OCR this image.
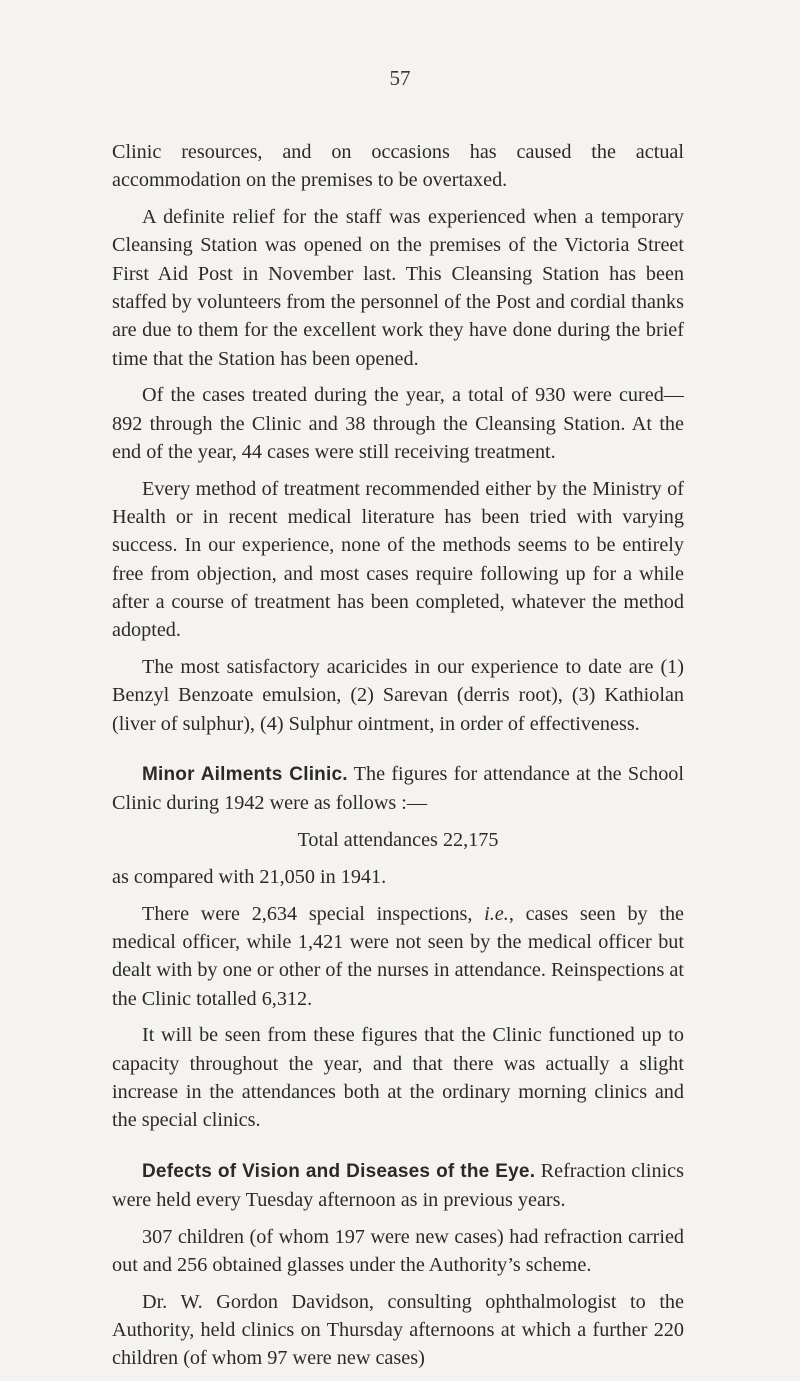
57

Clinic resources, and on occasions has caused the actual accommodation on the premises to be overtaxed.

A definite relief for the staff was experienced when a temporary Cleansing Station was opened on the premises of the Victoria Street First Aid Post in November last. This Cleansing Station has been staffed by volunteers from the personnel of the Post and cordial thanks are due to them for the excellent work they have done during the brief time that the Station has been opened.

Of the cases treated during the year, a total of 930 were cured—892 through the Clinic and 38 through the Cleansing Station. At the end of the year, 44 cases were still receiving treatment.

Every method of treatment recommended either by the Ministry of Health or in recent medical literature has been tried with varying success. In our experience, none of the methods seems to be entirely free from objection, and most cases require following up for a while after a course of treatment has been completed, whatever the method adopted.

The most satisfactory acaricides in our experience to date are (1) Benzyl Benzoate emulsion, (2) Sarevan (derris root), (3) Kathiolan (liver of sulphur), (4) Sulphur ointment, in order of effectiveness.

Minor Ailments Clinic. The figures for attendance at the School Clinic during 1942 were as follows :—

Total attendances 22,175

as compared with 21,050 in 1941.

There were 2,634 special inspections, i.e., cases seen by the medical officer, while 1,421 were not seen by the medical officer but dealt with by one or other of the nurses in attendance. Reinspections at the Clinic totalled 6,312.

It will be seen from these figures that the Clinic functioned up to capacity throughout the year, and that there was actually a slight increase in the attendances both at the ordinary morning clinics and the special clinics.

Defects of Vision and Diseases of the Eye. Refraction clinics were held every Tuesday afternoon as in previous years.

307 children (of whom 197 were new cases) had refraction carried out and 256 obtained glasses under the Authority’s scheme.

Dr. W. Gordon Davidson, consulting ophthalmologist to the Authority, held clinics on Thursday afternoons at which a further 220 children (of whom 97 were new cases)
